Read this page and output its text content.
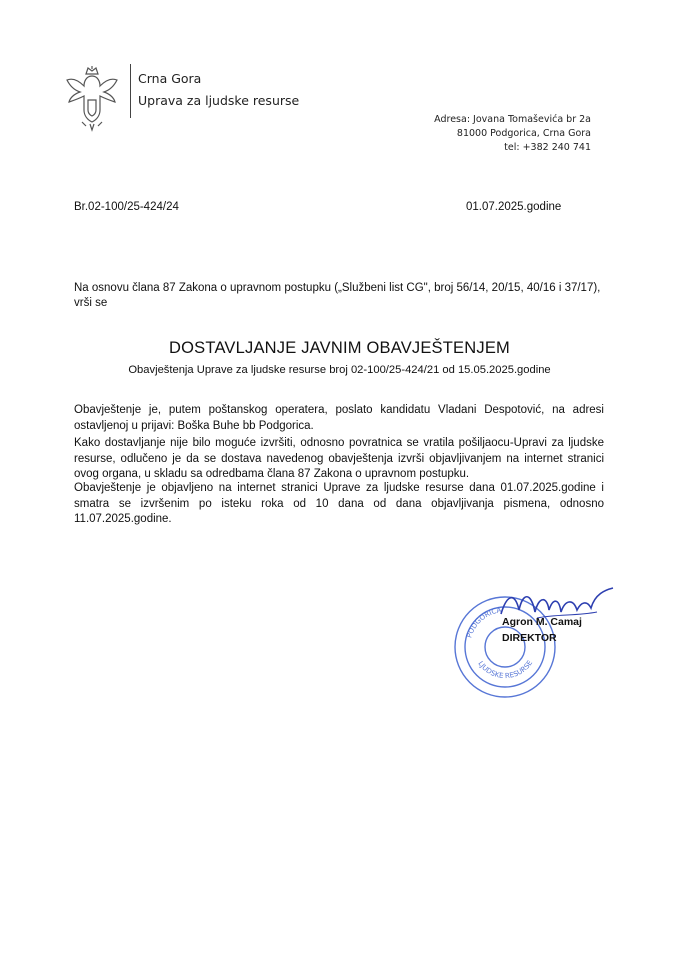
Crna Gora
Uprava za ljudske resurse
Adresa: Jovana Tomaševića br 2a
81000 Podgorica, Crna Gora
tel: +382 240 741
Br.02-100/25-424/24	01.07.2025.godine
Na osnovu člana 87 Zakona o upravnom postupku („Službeni list CG", broj 56/14, 20/15, 40/16 i 37/17), vrši se
DOSTAVLJANJE JAVNIM OBAVJEŠTENJEM
Obavještenja Uprave za ljudske resurse broj 02-100/25-424/21 od 15.05.2025.godine
Obavještenje je, putem poštanskog operatera, poslato kandidatu Vladani Despotović, na adresi ostavljenoj u prijavi: Boška Buhe bb Podgorica.
Kako dostavljanje nije bilo moguće izvršiti, odnosno povratnica se vratila pošiljaocu-Upravi za ljudske resurse, odlučeno je da se dostava navedenog obavještenja izvrši objavljivanjem na internet stranici ovog organa, u skladu sa odredbama člana 87 Zakona o upravnom postupku.
Obavještenje je objavljeno na internet stranici Uprave za ljudske resurse dana 01.07.2025.godine i smatra se izvršenim po isteku roka od 10 dana od dana objavljivanja pismena, odnosno 11.07.2025.godine.
PODGORICA
LJUDSKE RESURSE
Agron M. Camaj
DIREKTOR
